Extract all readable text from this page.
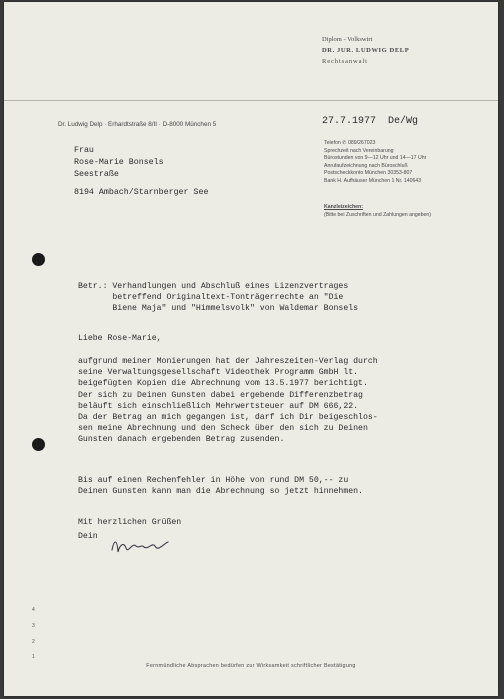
Diplom - Volkswirt
DR. JUR. LUDWIG DELP
Rechtsanwalt
Dr. Ludwig Delp · Erhardtstraße 8/II · D-8000 München 5	27.7.1977  De/Wg
Frau
Rose-Marie Bonsels
Seestraße
8194 Ambach/Starnberger See
Telefon ✆ 089/267023
Sprechzeit nach Vereinbarung
Bürostunden von 9—12 Uhr und 14—17 Uhr
Anrufaufzeichnung nach Büroschluß
Postscheckkonto München 30353-807
Bank H. Aufhäuser München 1 Nr. 140643
Kanzleizeichen:
(Bitte bei Zuschriften und Zahlungen angeben)
Betr.: Verhandlungen und Abschluß eines Lizenzvertrages
betreffend Originaltext-Tonträgerrechte an "Die
Biene Maja" und "Himmelsvolk" von Waldemar Bonsels
Liebe Rose-Marie,
aufgrund meiner Monierungen hat der Jahreszeiten-Verlag durch
seine Verwaltungsgesellschaft Videothek Programm GmbH lt.
beigefügten Kopien die Abrechnung vom 13.5.1977 berichtigt.
Der sich zu Deinen Gunsten dabei ergebende Differenzbetrag
beläuft sich einschließlich Mehrwertsteuer auf DM 666,22.
Da der Betrag an mich gegangen ist, darf ich Dir beigeschlos-
sen meine Abrechnung und den Scheck über den sich zu Deinen
Gunsten danach ergebenden Betrag zusenden.
Bis auf einen Rechenfehler in Höhe von rund DM 50,-- zu
Deinen Gunsten kann man die Abrechnung so jetzt hinnehmen.
Mit herzlichen Grüßen
Dein
4
3
2
1
Fernmündliche Absprachen bedürfen zur Wirksamkeit schriftlicher Bestätigung
